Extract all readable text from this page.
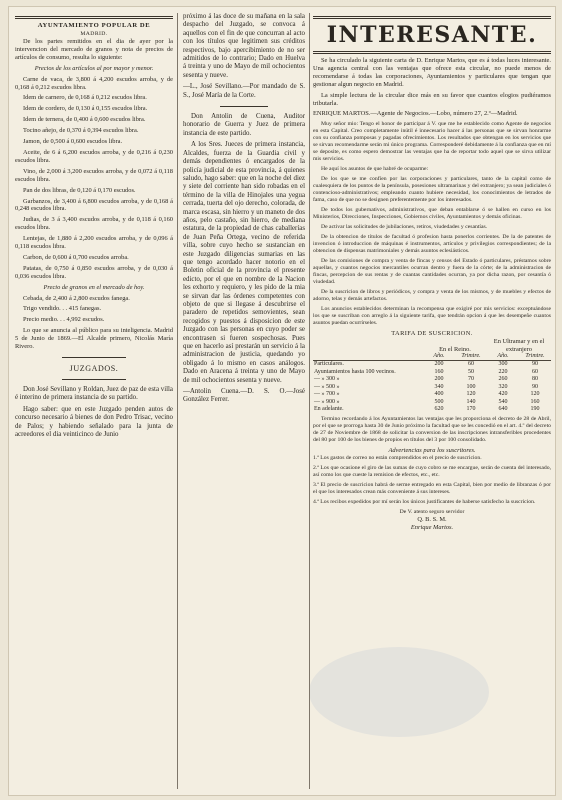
AYUNTAMIENTO POPULAR DE
MADRID.

De los partes remitidos en el dia de ayer por la intervencion del mercado de granos y nota de precios de artículos de consumo, resulta lo siguiente:

Precios de los artículos al por mayor y menor.

Carne de vaca, de 3,800 á 4,200 escudos arroba, y de 0,168 á 0,212 escudos libra.

Idem de carnero, de 0,168 á 0,212 escudos libra.

Idem de cordero, de 0,130 á 0,155 escudos libra.

Idem de ternera, de 0,400 á 0,600 escudos libra.

Tocino añejo, de 0,370 á 0,394 escudos libra.

Jamon, de 0,500 á 0,600 escudos libra.

Aceite, de 6 á 6,200 escudos arroba, y de 0,216 á 0,230 escudos libra.

Vino, de 2,000 á 3,200 escudos arroba, y de 0,072 á 0,118 escudos libra.

Pan de dos libras, de 0,120 á 0,170 escudos.

Garbanzos, de 3,400 á 6,800 escudos arroba, y de 0,168 á 0,248 escudos libra.

Judias, de 3 á 3,400 escudos arroba, y de 0,118 á 0,160 escudos libra.

Lentejas, de 1,880 á 2,200 escudos arroba, y de 0,096 á 0,118 escudos libra.

Carbon, de 0,600 á 0,700 escudos arroba.

Patatas, de 0,750 á 0,850 escudos arroba, y de 0,030 á 0,036 escudos libra.

Precio de granos en el mercado de hoy.

Cebada, de 2,400 á 2,800 escudos fanega.

Trigo vendido. . . 415 fanegas.

Precio medio. . . 4,992 escudos.

Lo que se anuncia al público para su inteligencia. Madrid 5 de Junio de 1869.—El Alcalde primero, Nicolás María Rivero.

JUZGADOS.

Don José Sevillano y Roldan, Juez de paz de esta villa é interino de primera instancia de su partido.

Hago saber: que en este Juzgado penden autos de concurso necesario á bienes de don Pedro Trisac, vecino de Palos; y habiendo señalado para la junta de acreedores el dia veinticinco de Junio

próximo á las doce de su mañana en la sala despacho del Juzgado, se convoca á aquellos con el fin de que concurran al acto con los títulos que legitimen sus créditos respectivos, bajo apercibimiento de no ser admitidos de lo contrario; Dado en Huelva á treinta y uno de Mayo de mil ochocientos sesenta y nueve.

—L., José Sevillano.—Por mandado de S. S., José María de la Corte.

Don Antolin de Cuena, Auditor honorario de Guerra y Juez de primera instancia de este partido.

A los Sres. Jueces de primera instancia, Alcaldes, fuerza de la Guardia civil y demás dependientes ó encargados de la policía judicial de esta provincia, á quienes saludo, hago saber: que en la noche del diez y siete del corriente han sido robadas en el término de la villa de Hinojales una yegua cerrada, tuerta del ojo derecho, colorada, de marca escasa, sin hierro y un maneto de dos años, pelo castaño, sin hierro, de mediana estatura, de la propiedad de chas caballerías de Juan Peña Ortega, vecino de referida villa, sobre cuyo hecho se sustancian en este Juzgado diligencias sumarias en las que tengo acordado hacer notorio en el Boletin oficial de la provincia el presente edicto, por el que en nombre de la Nacion les exhorto y requiero, y les pido de la mia se sirvan dar las órdenes competentes con objeto de que si llegase á descubrirse el paradero de repetidos semovientes, sean recogidos y puestos á disposicion de este Juzgado con las personas en cuyo poder se encontrasen si fueren sospechosas. Pues que en hacerlo así prestarán un servicio á la administracion de justicia, quedando yo obligado á lo mismo en casos análogos. Dado en Aracena á treinta y uno de Mayo de mil ochocientos sesenta y nueve.

—Antolin Cuena.—D. S. O.—José González Ferrer.

INTERESANTE.

Se ha circulado la siguiente carta de D. Enrique Martos, que es á todas luces interesante. Una agencia central con las ventajas que ofrece esta circular, no puede menos de recomendarse á todas las corporaciones, Ayuntamientos y particulares que tengan que gestionar algun negocio en Madrid.

La simple lectura de la circular dice más en su favor que cuantos elogios pudiéramos tributarla.

ENRIQUE MARTOS.—Agente de Negocios.—Lobo, número 27, 2.º—Madrid.

Muy señor mio: Tengo el honor de participar á V. que me he establecido como Agente de negocios en esta Capital. Creo completamente inútil é innecesario hacer á las personas que se sirvan honrarme con su confianza pomposas y pagadas ofrecimientos. Los resultados que obtengan en los servicios que se sirvan recomendarme serán mi único programa. Corresponderé debidamente á la confianza que en mí se deposite, es como espero demostrar las ventajas que ha de reportar todo aquel que se sirva utilizar mis servicios.

He aquí los asuntos de que habré de ocuparme:

De los que se me confíen por las corporaciones y particulares, tanto de la capital como de cualesquiera de los puntos de la península, posesiones ultramarinas y del extranjero; ya sean judiciales ó contencioso-administrativos; empleando cuanto hubiere necesidad, los conocimientos de letrados de fama, caso de que no se designen preferentemente por los interesados.

De todos los gubernativos, administrativos, que deban entablarse ó se hallen en curso en los Ministerios, Direcciones, Inspecciones, Gobiernos civiles, Ayuntamientos y demás oficinas.

De activar las solicitudes de jubilaciones, retiros, viudedades y cesantías.

De la obtencion de títulos de facultad ó profesion hasta ponerlos corrientes. De la de patentes de invencion ó introduccion de máquinas é instrumentos, artículos y privilegios correspondientes; de la obtencion de dispensas matrimoniales y demás asuntos eclesiásticos.

De las comisiones de compra y venta de fincas y censos del Estado ó particulares, préstamos sobre aquellas, y cuantos negocios mercantiles ocurran dentro y fuera de la córte; de la administracion de fincas, percepcion de sus rentas y de cuantas cantidades ocurran, ya por dicha razon, por cesantía ó viudedad.

De la suscricion de libros y periódicos, y compra y venta de los mismos, y de muebles y efectos de adorno, telas y demás artefactos.

Los anuncios establecidos determinan la recompensa que exigiré por mis servicios: exceptuándose los que se suscriban con arreglo á la siguiente tarifa, que tendrán opcion á que les desempeñe cuantos asuntos puedan ocurrírseles.

TARIFA DE SUSCRICION.
	En el Reino.		En Ultramar y en el extranjero	
	Año.	Trimtre.	Año.	Trimtre.
Particulares.	200	60	300	90
Ayuntamientos hasta 100 vecinos.	160	50	220	60
— » 300 »	200	70	260	80
— » 500 »	340	100	320	90
— » 700 »	400	120	420	120
— » 900 »	500	140	540	160
En adelante.	620	170	640	190

Termino recordando á los Ayuntamientos las ventajas que les proporciona el decreto de 28 de Abril, por el que se prorroga hasta 30 de Junio próximo la facultad que se les concedió en el art. 4.º del decreto de 27 de Noviembre de 1868 de solicitar la conversion de las inscripciones intransferibles procedentes del 80 por 100 de los bienes de propios en títulos del 3 por 100 consolidado.

Advertencias para los suscritores.

1.ª Los gastos de correo no están comprendidos en el precio de suscricion.

2.ª Los que ocasione el giro de las sumas de cuyo cobro se me encargue, serán de cuenta del interesado, así como los que cueste la remision de efectos, etc., etc.

3.ª El precio de suscricion habrá de serme entregado en esta Capital, bien por medio de libranzas ó por el que los interesados crean más conveniente á sus intereses.

4.ª Los recibos expedidos por mí serán los únicos justificantes de haberse satisfecho la suscricion.

De V. atento seguro servidor
Q. B. S. M.
Enrique Martos.
